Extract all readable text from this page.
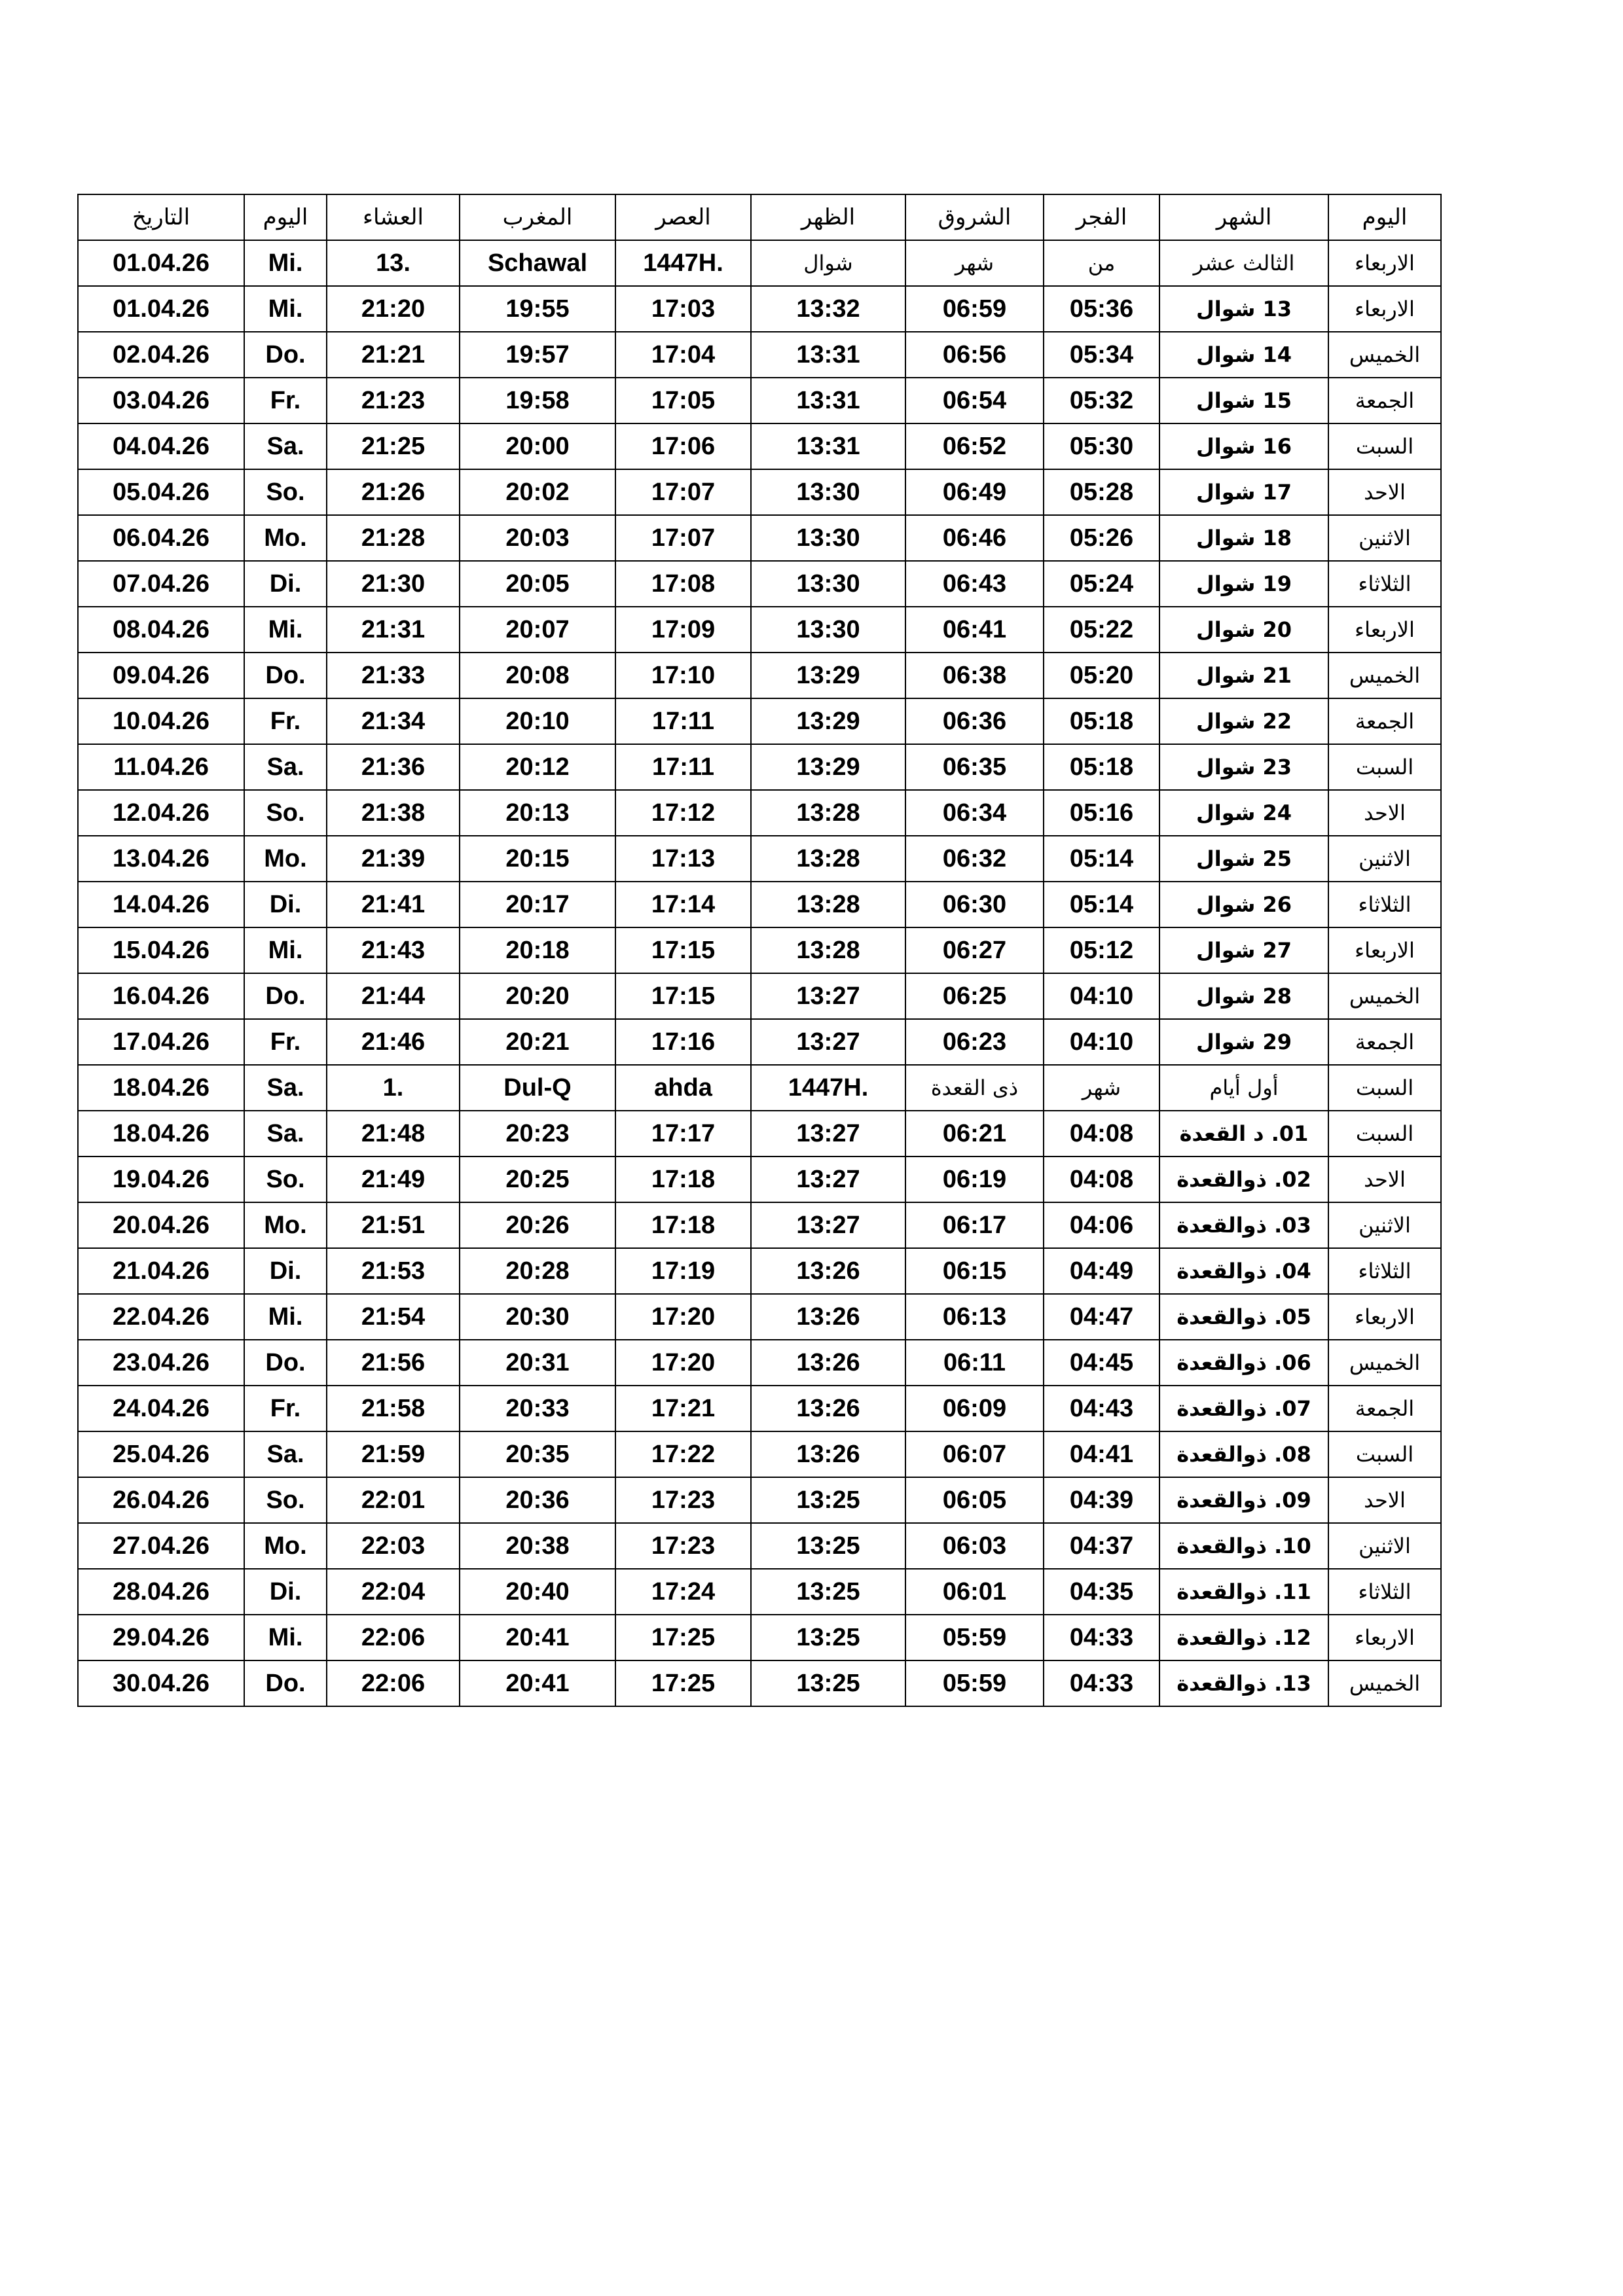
التاريخ	اليوم	العشاء	المغرب	العصر	الظهر	الشروق	الفجر	الشهر	اليوم
01.04.26	Mi.	13.	Schawal	1447H.	شوال	شهر	من	الثالث عشر	الاربعاء
01.04.26	Mi.	21:20	19:55	17:03	13:32	06:59	05:36	13 شوال	الاربعاء
02.04.26	Do.	21:21	19:57	17:04	13:31	06:56	05:34	14 شوال	الخميس
03.04.26	Fr.	21:23	19:58	17:05	13:31	06:54	05:32	15 شوال	الجمعة
04.04.26	Sa.	21:25	20:00	17:06	13:31	06:52	05:30	16 شوال	السبت
05.04.26	So.	21:26	20:02	17:07	13:30	06:49	05:28	17 شوال	الاحد
06.04.26	Mo.	21:28	20:03	17:07	13:30	06:46	05:26	18 شوال	الاثنين
07.04.26	Di.	21:30	20:05	17:08	13:30	06:43	05:24	19 شوال	الثلاثاء
08.04.26	Mi.	21:31	20:07	17:09	13:30	06:41	05:22	20 شوال	الاربعاء
09.04.26	Do.	21:33	20:08	17:10	13:29	06:38	05:20	21 شوال	الخميس
10.04.26	Fr.	21:34	20:10	17:11	13:29	06:36	05:18	22 شوال	الجمعة
11.04.26	Sa.	21:36	20:12	17:11	13:29	06:35	05:18	23 شوال	السبت
12.04.26	So.	21:38	20:13	17:12	13:28	06:34	05:16	24 شوال	الاحد
13.04.26	Mo.	21:39	20:15	17:13	13:28	06:32	05:14	25 شوال	الاثنين
14.04.26	Di.	21:41	20:17	17:14	13:28	06:30	05:14	26 شوال	الثلاثاء
15.04.26	Mi.	21:43	20:18	17:15	13:28	06:27	05:12	27 شوال	الاربعاء
16.04.26	Do.	21:44	20:20	17:15	13:27	06:25	04:10	28 شوال	الخميس
17.04.26	Fr.	21:46	20:21	17:16	13:27	06:23	04:10	29 شوال	الجمعة
18.04.26	Sa.	1.	Dul-Q	ahda	1447H.	ذى القعدة	شهر	أول أيام	السبت
18.04.26	Sa.	21:48	20:23	17:17	13:27	06:21	04:08	01. د القعدة	السبت
19.04.26	So.	21:49	20:25	17:18	13:27	06:19	04:08	02. ذوالقعدة	الاحد
20.04.26	Mo.	21:51	20:26	17:18	13:27	06:17	04:06	03. ذوالقعدة	الاثنين
21.04.26	Di.	21:53	20:28	17:19	13:26	06:15	04:49	04. ذوالقعدة	الثلاثاء
22.04.26	Mi.	21:54	20:30	17:20	13:26	06:13	04:47	05. ذوالقعدة	الاربعاء
23.04.26	Do.	21:56	20:31	17:20	13:26	06:11	04:45	06. ذوالقعدة	الخميس
24.04.26	Fr.	21:58	20:33	17:21	13:26	06:09	04:43	07. ذوالقعدة	الجمعة
25.04.26	Sa.	21:59	20:35	17:22	13:26	06:07	04:41	08. ذوالقعدة	السبت
26.04.26	So.	22:01	20:36	17:23	13:25	06:05	04:39	09. ذوالقعدة	الاحد
27.04.26	Mo.	22:03	20:38	17:23	13:25	06:03	04:37	10. ذوالقعدة	الاثنين
28.04.26	Di.	22:04	20:40	17:24	13:25	06:01	04:35	11. ذوالقعدة	الثلاثاء
29.04.26	Mi.	22:06	20:41	17:25	13:25	05:59	04:33	12. ذوالقعدة	الاربعاء
30.04.26	Do.	22:06	20:41	17:25	13:25	05:59	04:33	13. ذوالقعدة	الخميس
